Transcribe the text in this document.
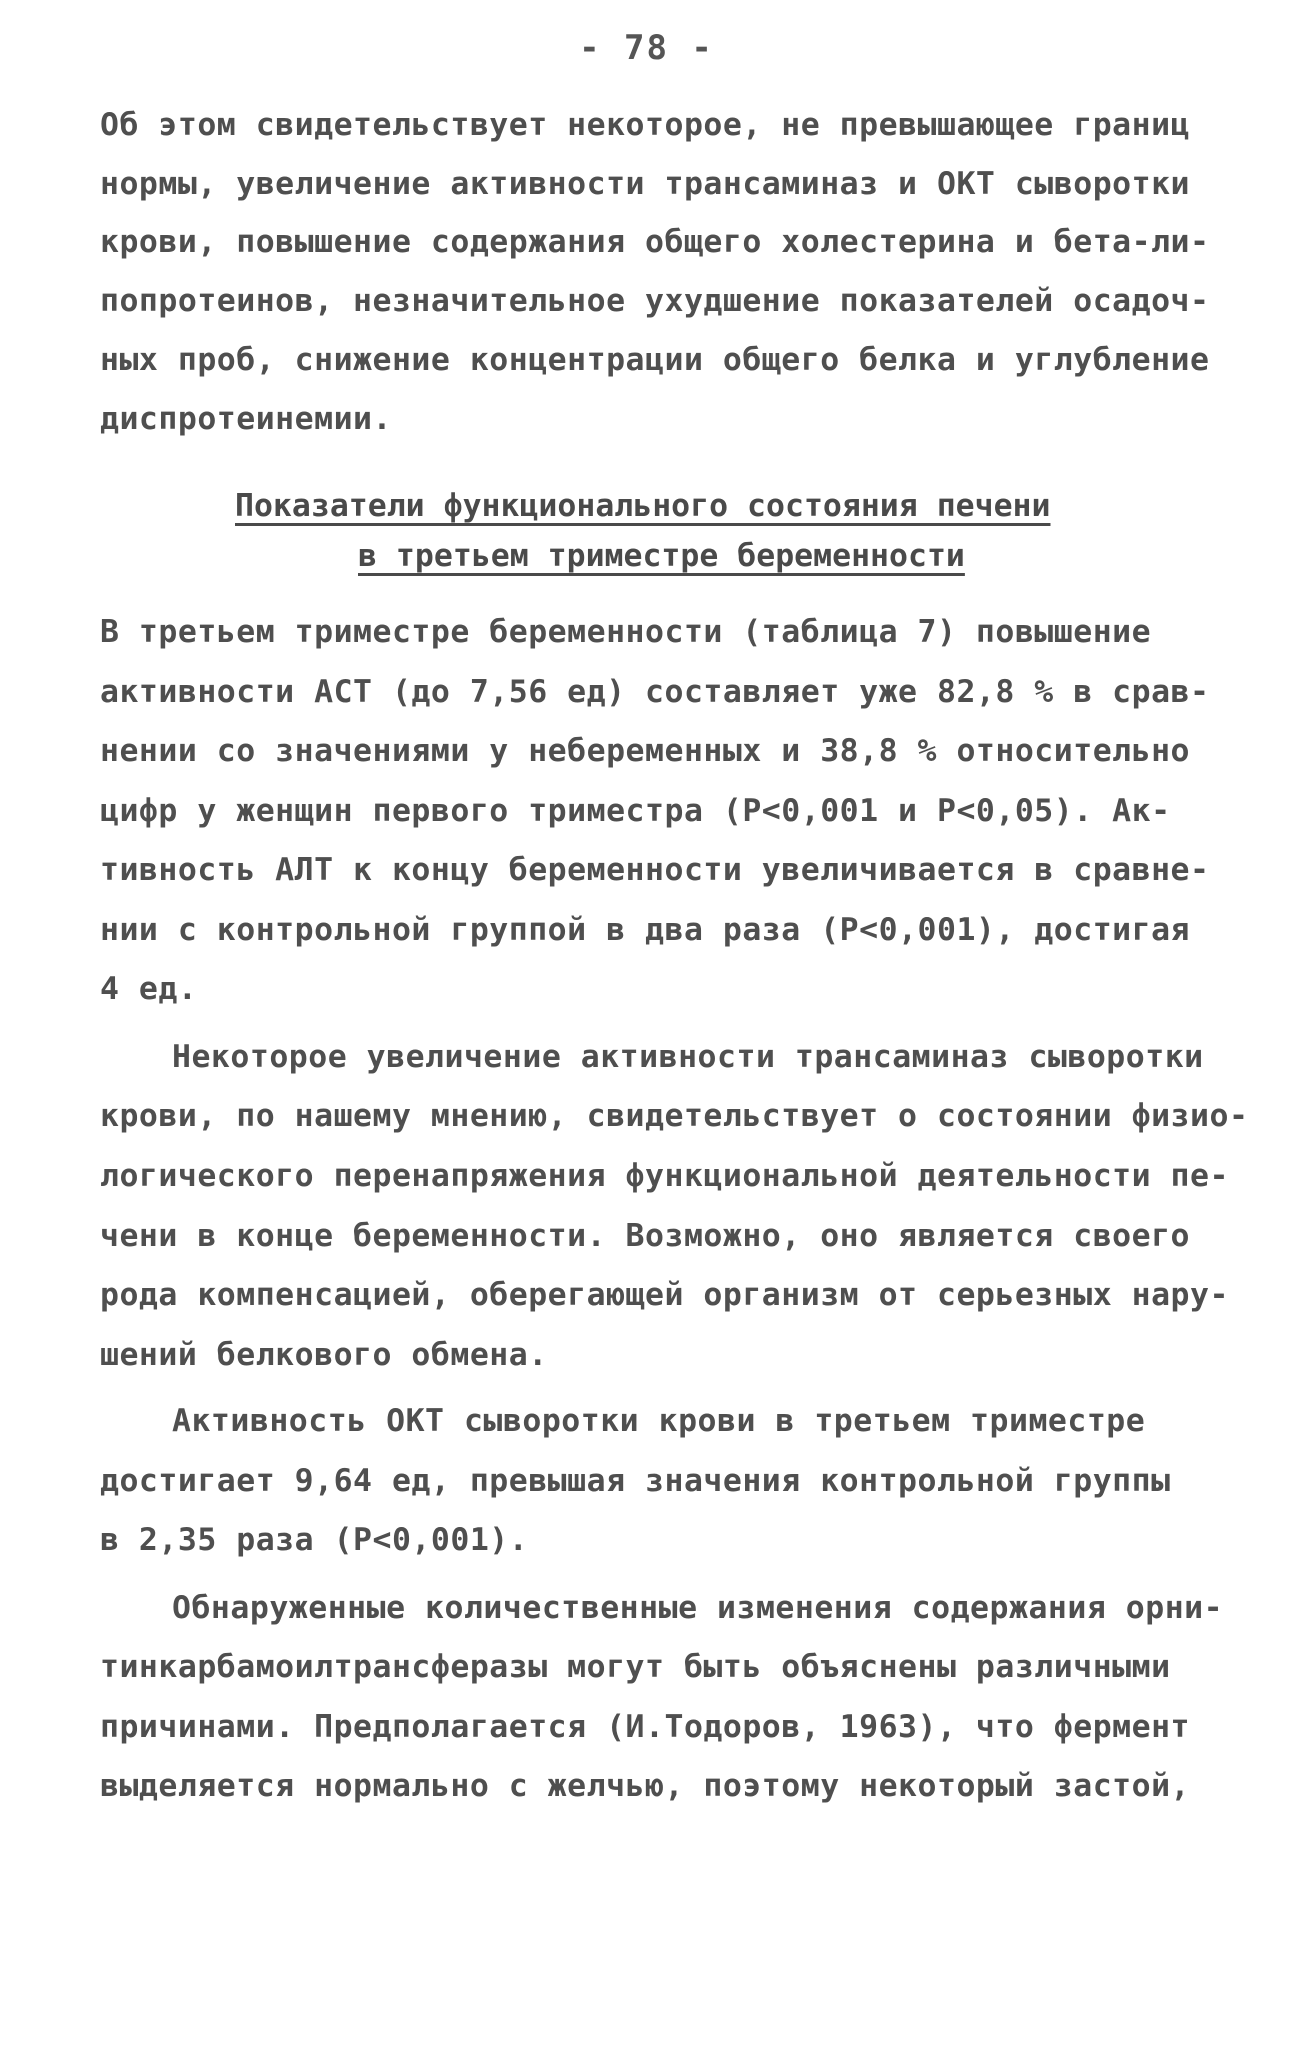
- 78 -
Об этом свидетельствует некоторое, не превышающее границ
нормы, увеличение активности трансаминаз и ОКТ сыворотки
крови, повышение содержания общего холестерина и бета-ли-
попротеинов, незначительное ухудшение показателей осадоч-
ных проб, снижение концентрации общего белка и углубление
диспротеинемии.
Показатели функционального состояния печени
в третьем триместре беременности
В третьем триместре беременности (таблица 7) повышение
активности АСТ (до 7,56 ед) составляет уже 82,8 % в срав-
нении со значениями у небеременных и 38,8 % относительно
цифр у женщин первого триместра (Р<0,001 и Р<0,05). Ак-
тивность АЛТ к концу беременности увеличивается в сравне-
нии с контрольной группой в два раза (Р<0,001), достигая
4 ед.
Некоторое увеличение активности трансаминаз сыворотки
крови, по нашему мнению, свидетельствует о состоянии физио-
логического перенапряжения функциональной деятельности пе-
чени в конце беременности. Возможно, оно является своего
рода компенсацией, оберегающей организм от серьезных нару-
шений белкового обмена.
Активность ОКТ сыворотки крови в третьем триместре
достигает 9,64 ед, превышая значения контрольной группы
в 2,35 раза (Р<0,001).
Обнаруженные количественные изменения содержания орни-
тинкарбамоилтрансферазы могут быть объяснены различными
причинами. Предполагается (И.Тодоров, 1963), что фермент
выделяется нормально с желчью, поэтому некоторый застой,
